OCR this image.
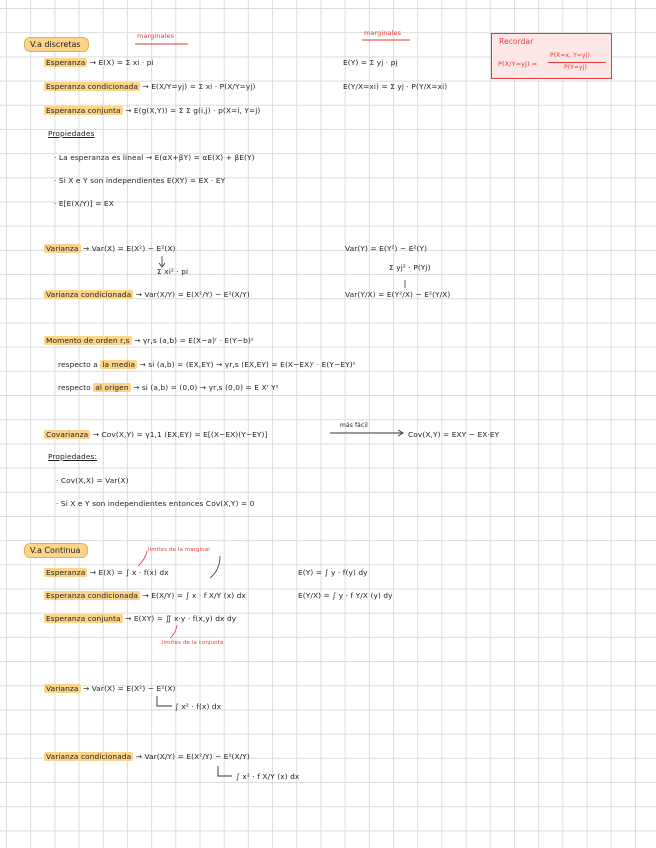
V.a discretas
marginales	marginales
Recordar
P(X/Y=yj) =
P(X=x, Y=yj)
P(Y=yj)
Esperanza → E(X) = Σ xi · pi	E(Y) = Σ yj · pj
Esperanza condicionada → E(X/Y=yj) = Σ xi · P(X/Y=yj)	E(Y/X=xi) = Σ yj · P(Y/X=xi)
Esperanza conjunta → E(g(X,Y)) = Σ Σ g(i,j) · p(X=i, Y=j)
Propiedades
· La esperanza es lineal → E(αX+βY) = αE(X) + βE(Y)
· Si X e Y son independientes E(XY) = EX · EY
· E[E(X/Y)] = EX
Varianza → Var(X) = E(X²) − E²(X)
Σ xi² · pi
Var(Y) = E(Y²) − E²(Y)
Σ yj² · P(Yj)
Varianza condicionada → Var(X/Y) = E(X²/Y) − E²(X/Y)	Var(Y/X) = E(Y²/X) − E²(Y/X)
Momento de orden r,s → γr,s (a,b) = E(X−a)ʳ · E(Y−b)ˢ
respecto a la media → si (a,b) = (EX,EY) → γr,s (EX,EY) = E(X−EX)ʳ · E(Y−EY)ˢ
respecto al origen → si (a,b) = (0,0) → γr,s (0,0) = E Xʳ Yˢ
Covarianza → Cov(X,Y) = γ1,1 (EX,EY) = E[(X−EX)(Y−EY)]
más fácil
Cov(X,Y) = EXY − EX·EY
Propiedades:
· Cov(X,X) = Var(X)
· Si X e Y son independientes entonces Cov(X,Y) = 0
V.a Continua	limites de la marginal
Esperanza → E(X) = ∫ x · f(x) dx	E(Y) = ∫ y · f(y) dy
Esperanza condicionada → E(X/Y) = ∫ x · f X/Y (x) dx	E(Y/X) = ∫ y · f Y/X (y) dy
Esperanza conjunta → E(XY) = ∬ x·y · f(x,y) dx dy
limites de la conjunta
Varianza → Var(X) = E(X²) − E²(X)
∫ x² · f(x) dx
Varianza condicionada → Var(X/Y) = E(X²/Y) − E²(X/Y)
∫ x² · f X/Y (x) dx
